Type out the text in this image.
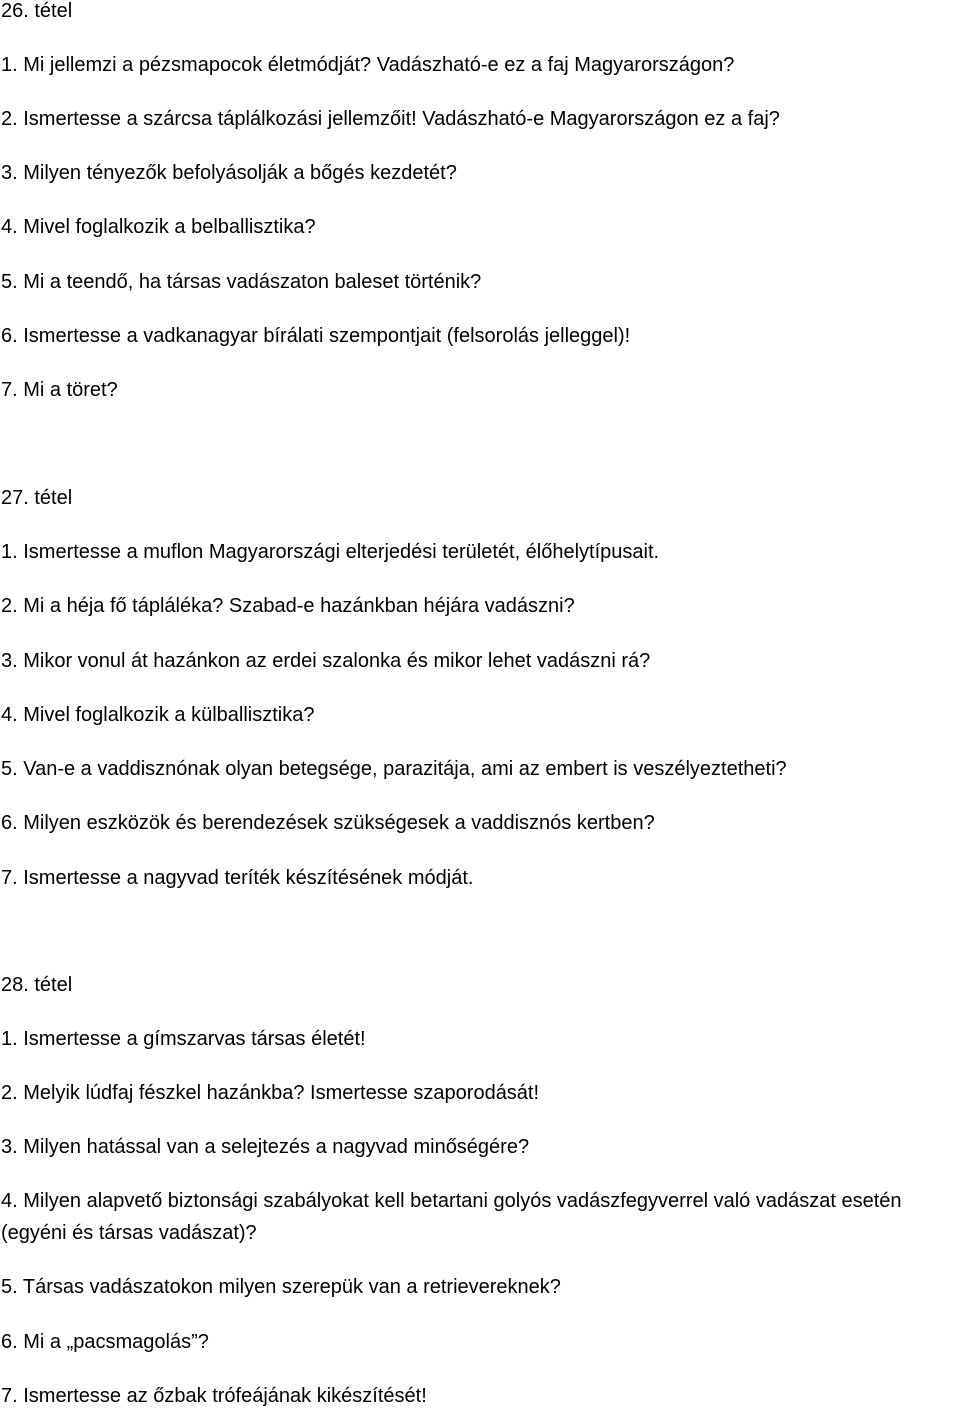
26. tétel

1. Mi jellemzi a pézsmapocok életmódját? Vadászható-e ez a faj Magyarországon?

2. Ismertesse a szárcsa táplálkozási jellemzőit! Vadászható-e Magyarországon ez a faj?

3. Milyen tényezők befolyásolják a bőgés kezdetét?

4. Mivel foglalkozik a belballisztika?

5. Mi a teendő, ha társas vadászaton baleset történik?

6. Ismertesse a vadkanagyar bírálati szempontjait (felsorolás jelleggel)!

7. Mi a töret?

27. tétel

1. Ismertesse a muflon Magyarországi elterjedési területét, élőhelytípusait.

2. Mi a héja fő tápláléka? Szabad-e hazánkban héjára vadászni?

3. Mikor vonul át hazánkon az erdei szalonka és mikor lehet vadászni rá?

4. Mivel foglalkozik a külballisztika?

5. Van-e a vaddisznónak olyan betegsége, parazitája, ami az embert is veszélyeztetheti?

6. Milyen eszközök és berendezések szükségesek a vaddisznós kertben?

7. Ismertesse a nagyvad teríték készítésének módját.

28. tétel

1. Ismertesse a gímszarvas társas életét!

2. Melyik lúdfaj fészkel hazánkba? Ismertesse szaporodását!

3. Milyen hatással van a selejtezés a nagyvad minőségére?

4. Milyen alapvető biztonsági szabályokat kell betartani golyós vadászfegyverrel való vadászat esetén (egyéni és társas vadászat)?

5. Társas vadászatokon milyen szerepük van a retrievereknek?

6. Mi a „pacsmagolás”?

7. Ismertesse az őzbak trófeájának kikészítését!
